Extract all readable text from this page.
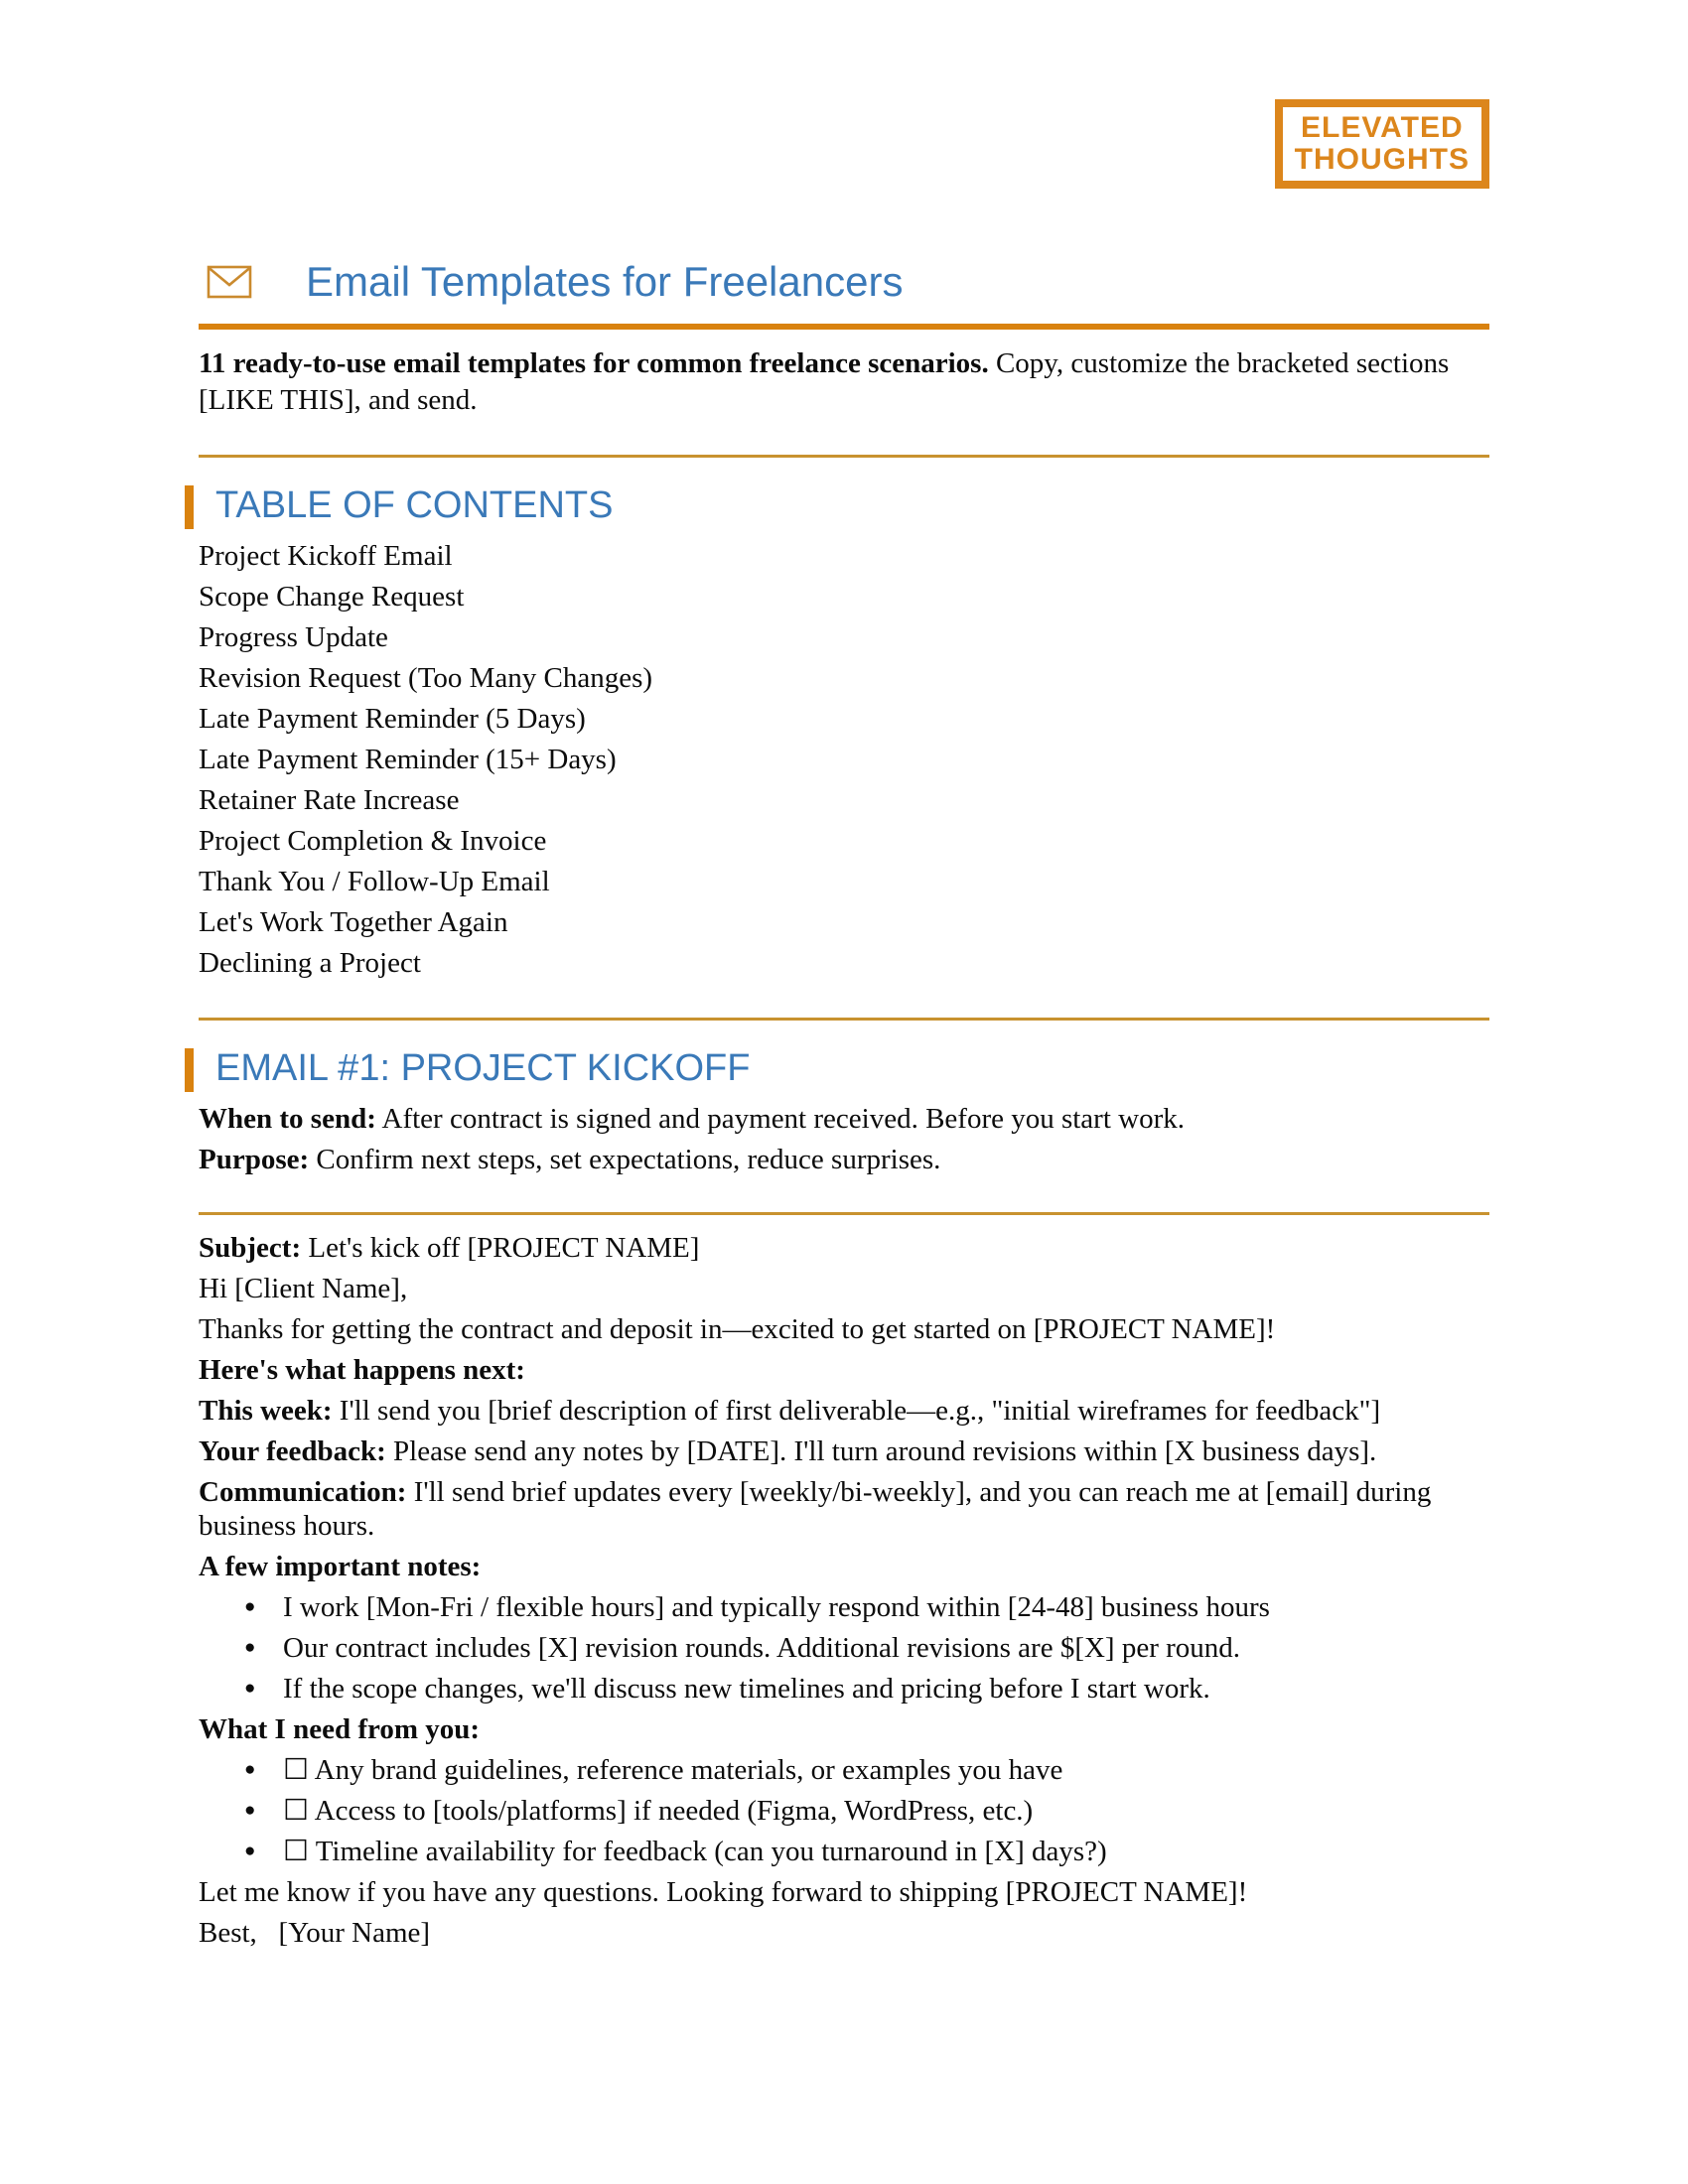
ELEVATED
THOUGHTS
Email Templates for Freelancers

11 ready-to-use email templates for common freelance scenarios. Copy, customize the bracketed sections [LIKE THIS], and send.

TABLE OF CONTENTS
Project Kickoff Email
Scope Change Request
Progress Update
Revision Request (Too Many Changes)
Late Payment Reminder (5 Days)
Late Payment Reminder (15+ Days)
Retainer Rate Increase
Project Completion & Invoice
Thank You / Follow-Up Email
Let's Work Together Again
Declining a Project
EMAIL #1: PROJECT KICKOFF

When to send: After contract is signed and payment received. Before you start work.

Purpose: Confirm next steps, set expectations, reduce surprises.

Subject: Let's kick off [PROJECT NAME]

Hi [Client Name],

Thanks for getting the contract and deposit in—excited to get started on [PROJECT NAME]!

Here's what happens next:

This week: I'll send you [brief description of first deliverable—e.g., "initial wireframes for feedback"]

Your feedback: Please send any notes by [DATE]. I'll turn around revisions within [X business days].

Communication: I'll send brief updates every [weekly/bi-weekly], and you can reach me at [email] during business hours.

A few important notes:

● I work [Mon-Fri / flexible hours] and typically respond within [24-48] business hours
● Our contract includes [X] revision rounds. Additional revisions are $[X] per round.
● If the scope changes, we'll discuss new timelines and pricing before I start work.

What I need from you:

● ☐ Any brand guidelines, reference materials, or examples you have
● ☐ Access to [tools/platforms] if needed (Figma, WordPress, etc.)
● ☐ Timeline availability for feedback (can you turnaround in [X] days?)

Let me know if you have any questions. Looking forward to shipping [PROJECT NAME]!

Best,   [Your Name]
